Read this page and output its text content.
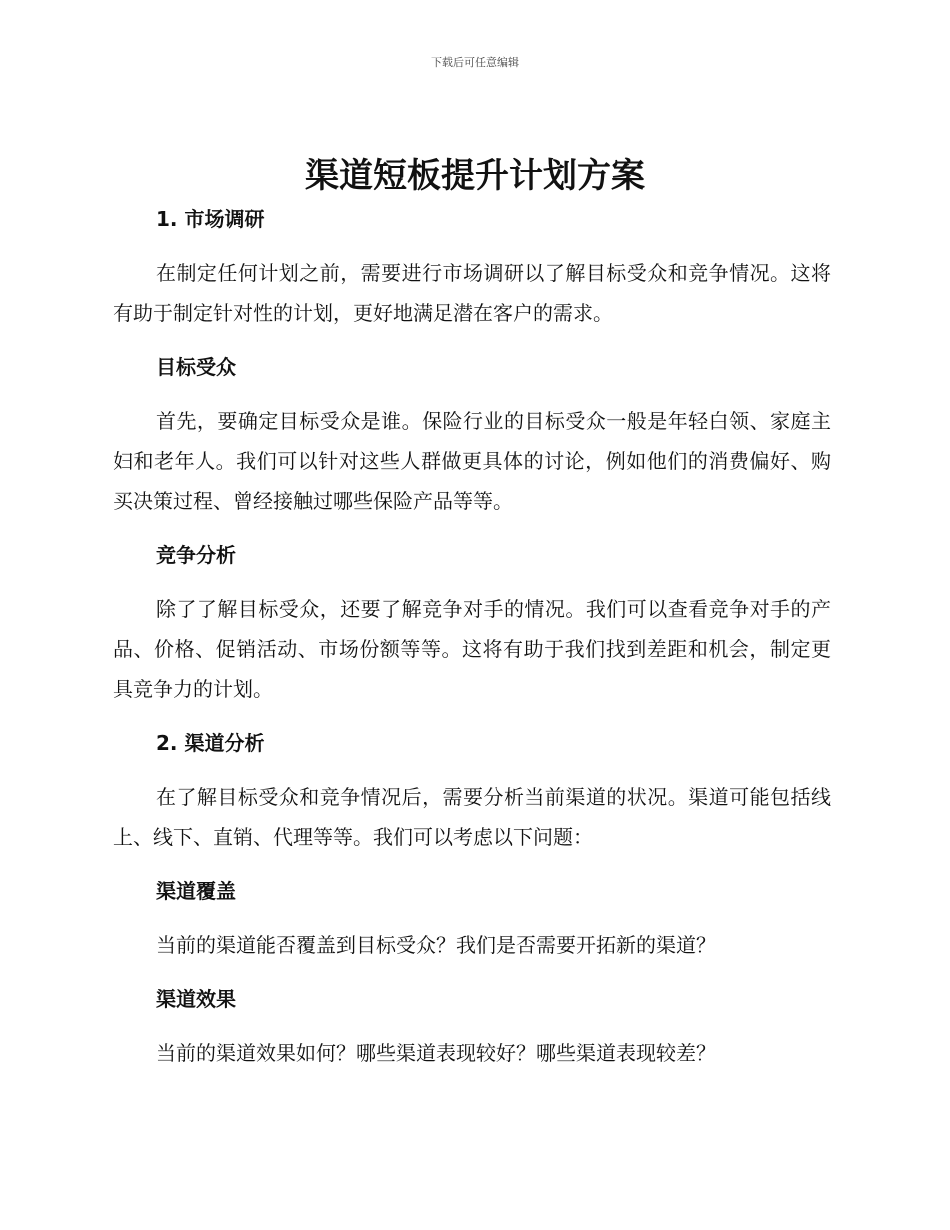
下载后可任意编辑
渠道短板提升计划方案
1. 市场调研

在制定任何计划之前，需要进行市场调研以了解目标受众和竞争情况。这将有助于制定针对性的计划，更好地满足潜在客户的需求。

目标受众

首先，要确定目标受众是谁。保险行业的目标受众一般是年轻白领、家庭主妇和老年人。我们可以针对这些人群做更具体的讨论，例如他们的消费偏好、购买决策过程、曾经接触过哪些保险产品等等。

竞争分析

除了了解目标受众，还要了解竞争对手的情况。我们可以查看竞争对手的产品、价格、促销活动、市场份额等等。这将有助于我们找到差距和机会，制定更具竞争力的计划。

2. 渠道分析

在了解目标受众和竞争情况后，需要分析当前渠道的状况。渠道可能包括线上、线下、直销、代理等等。我们可以考虑以下问题：

渠道覆盖

当前的渠道能否覆盖到目标受众？我们是否需要开拓新的渠道？

渠道效果

当前的渠道效果如何？哪些渠道表现较好？哪些渠道表现较差？
